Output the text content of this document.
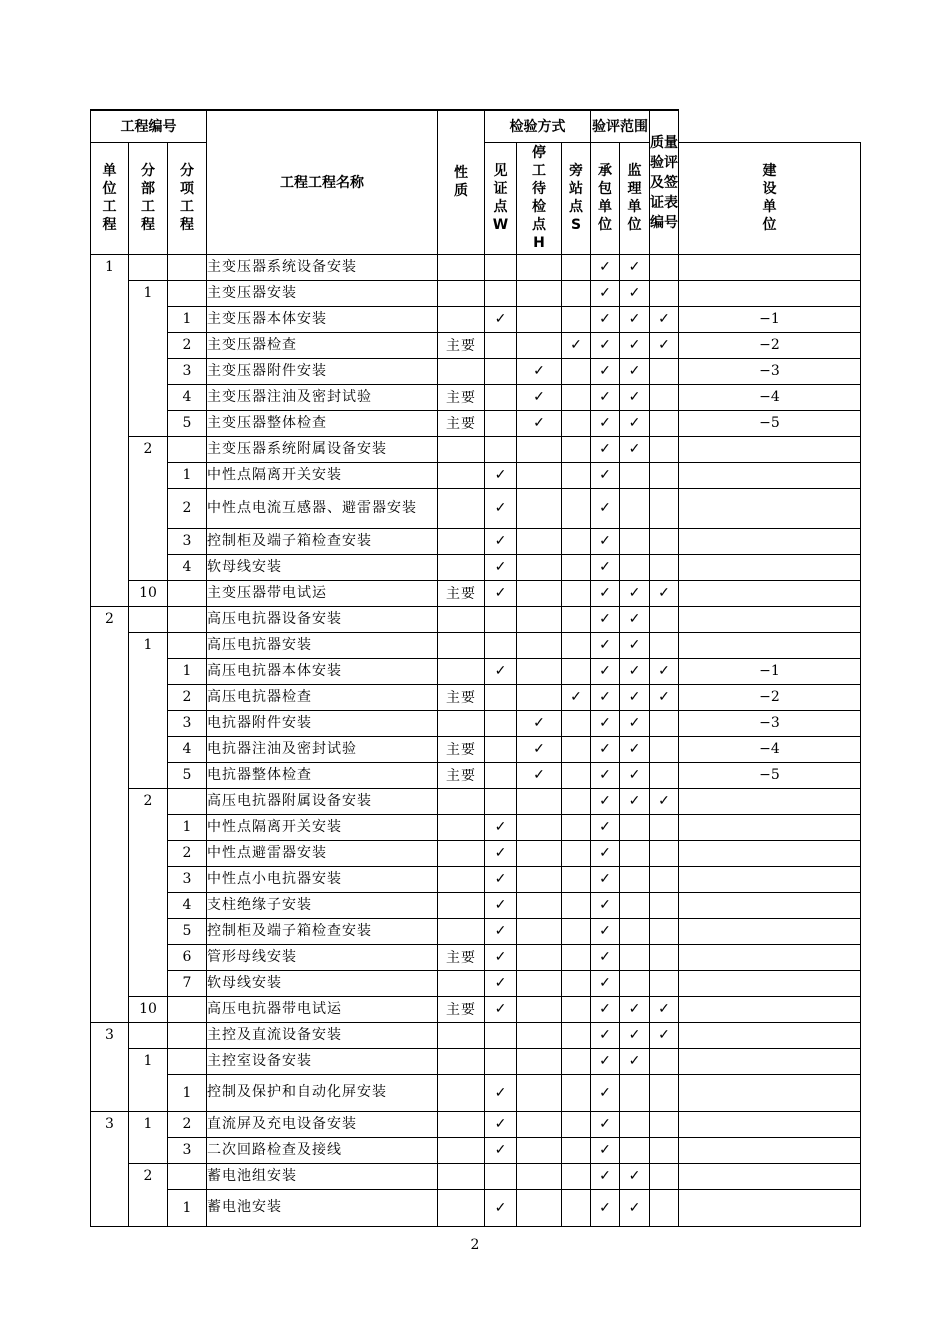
工程编号			工程工程名称	性质	检验方式			验评范围		质量验评及签证表编号	

单位工程	分部工程	分项工程			见证点W	停工待检点H	旁站点S	承包单位	监理单位		建设单位

1			主变压器系统设备安装					✓	✓		
	1		主变压器安装					✓	✓		
		1	主变压器本体安装		✓			✓	✓	✓	−1
		2	主变压器检查	主要			✓	✓	✓	✓	−2
		3	主变压器附件安装			✓		✓	✓		−3
		4	主变压器注油及密封试验	主要		✓		✓	✓		−4
		5	主变压器整体检查	主要		✓		✓	✓		−5
	2		主变压器系统附属设备安装					✓	✓		
		1	中性点隔离开关安装		✓			✓			
		2	中性点电流互感器、避雷器安装		✓			✓			
		3	控制柜及端子箱检查安装		✓			✓			
		4	软母线安装		✓			✓			
	10		主变压器带电试运	主要	✓			✓	✓	✓	
2			高压电抗器设备安装					✓	✓		
	1		高压电抗器安装					✓	✓		
		1	高压电抗器本体安装		✓			✓	✓	✓	−1
		2	高压电抗器检查	主要			✓	✓	✓	✓	−2
		3	电抗器附件安装			✓		✓	✓		−3
		4	电抗器注油及密封试验	主要		✓		✓	✓		−4
		5	电抗器整体检查	主要		✓		✓	✓		−5
	2		高压电抗器附属设备安装					✓	✓	✓	
		1	中性点隔离开关安装		✓			✓			
		2	中性点避雷器安装		✓			✓			
		3	中性点小电抗器安装		✓			✓			
		4	支柱绝缘子安装		✓			✓			
		5	控制柜及端子箱检查安装		✓			✓			
		6	管形母线安装	主要	✓			✓			
		7	软母线安装		✓			✓			
	10		高压电抗器带电试运	主要	✓			✓	✓	✓	
3			主控及直流设备安装					✓	✓	✓	
	1		主控室设备安装					✓	✓		
		1	控制及保护和自动化屏安装		✓			✓			
3	1	2	直流屏及充电设备安装		✓			✓			
		3	二次回路检查及接线		✓			✓			
	2		蓄电池组安装					✓	✓		
		1	蓄电池安装		✓			✓	✓		
2
